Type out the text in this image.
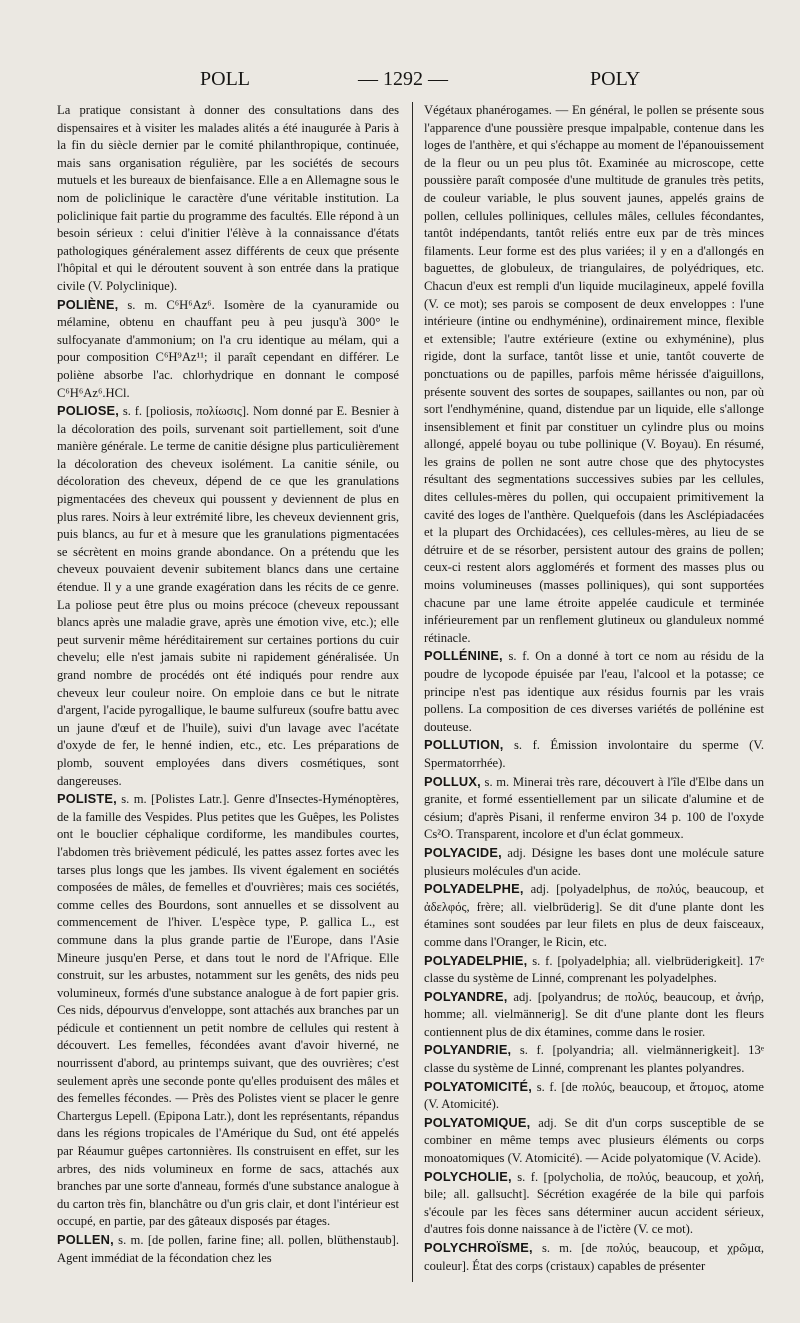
POLL	— 1292 —	POLY

La pratique consistant à donner des consultations dans des dispensaires et à visiter les malades alités a été inaugurée à Paris à la fin du siècle dernier par le comité philanthropique, continuée, mais sans organisation régulière, par les sociétés de secours mutuels et les bureaux de bienfaisance. Elle a en Allemagne sous le nom de policlinique le caractère d'une véritable institution. La policlinique fait partie du programme des facultés. Elle répond à un besoin sérieux : celui d'initier l'élève à la connaissance d'états pathologiques généralement assez différents de ceux que présente l'hôpital et qui le déroutent souvent à son entrée dans la pratique civile (V. Polyclinique).

POLIÈNE, s. m. C⁶H⁶Az⁶. Isomère de la cyanuramide ou mélamine, obtenu en chauffant peu à peu jusqu'à 300° le sulfocyanate d'ammonium; on l'a cru identique au mélam, qui a pour composition C⁶H⁹Az¹¹; il paraît cependant en différer. Le poliène absorbe l'ac. chlorhydrique en donnant le composé C⁶H⁶Az⁶.HCl.

POLIOSE, s. f. [poliosis, πολίωσις]. Nom donné par E. Besnier à la décoloration des poils, survenant soit partiellement, soit d'une manière générale. Le terme de canitie désigne plus particulièrement la décoloration des cheveux isolément. La canitie sénile, ou décoloration des cheveux, dépend de ce que les granulations pigmentacées des cheveux qui poussent y deviennent de plus en plus rares. Noirs à leur extrémité libre, les cheveux deviennent gris, puis blancs, au fur et à mesure que les granulations pigmentacées se sécrètent en moins grande abondance. On a prétendu que les cheveux pouvaient devenir subitement blancs dans une certaine étendue. Il y a une grande exagération dans les récits de ce genre. La poliose peut être plus ou moins précoce (cheveux repoussant blancs après une maladie grave, après une émotion vive, etc.); elle peut survenir même héréditairement sur certaines portions du cuir chevelu; elle n'est jamais subite ni rapidement généralisée. Un grand nombre de procédés ont été indiqués pour rendre aux cheveux leur couleur noire. On emploie dans ce but le nitrate d'argent, l'acide pyrogallique, le baume sulfureux (soufre battu avec un jaune d'œuf et de l'huile), suivi d'un lavage avec l'acétate d'oxyde de fer, le henné indien, etc., etc. Les préparations de plomb, souvent employées dans divers cosmétiques, sont dangereuses.

POLISTE, s. m. [Polistes Latr.]. Genre d'Insectes-Hyménoptères, de la famille des Vespides. Plus petites que les Guêpes, les Polistes ont le bouclier céphalique cordiforme, les mandibules courtes, l'abdomen très brièvement pédiculé, les pattes assez fortes avec les tarses plus longs que les jambes. Ils vivent également en sociétés composées de mâles, de femelles et d'ouvrières; mais ces sociétés, comme celles des Bourdons, sont annuelles et se dissolvent au commencement de l'hiver. L'espèce type, P. gallica L., est commune dans la plus grande partie de l'Europe, dans l'Asie Mineure jusqu'en Perse, et dans tout le nord de l'Afrique. Elle construit, sur les arbustes, notamment sur les genêts, des nids peu volumineux, formés d'une substance analogue à de fort papier gris. Ces nids, dépourvus d'enveloppe, sont attachés aux branches par un pédicule et contiennent un petit nombre de cellules qui restent à découvert. Les femelles, fécondées avant d'avoir hiverné, ne nourrissent d'abord, au printemps suivant, que des ouvrières; c'est seulement après une seconde ponte qu'elles produisent des mâles et des femelles fécondes. — Près des Polistes vient se placer le genre Chartergus Lepell. (Epipona Latr.), dont les représentants, répandus dans les régions tropicales de l'Amérique du Sud, ont été appelés par Réaumur guêpes cartonnières. Ils construisent en effet, sur les arbres, des nids volumineux en forme de sacs, attachés aux branches par une sorte d'anneau, formés d'une substance analogue à du carton très fin, blanchâtre ou d'un gris clair, et dont l'intérieur est occupé, en partie, par des gâteaux disposés par étages.

POLLEN, s. m. [de pollen, farine fine; all. pollen, blüthenstaub]. Agent immédiat de la fécondation chez les

Végétaux phanérogames. — En général, le pollen se présente sous l'apparence d'une poussière presque impalpable, contenue dans les loges de l'anthère, et qui s'échappe au moment de l'épanouissement de la fleur ou un peu plus tôt. Examinée au microscope, cette poussière paraît composée d'une multitude de granules très petits, de couleur variable, le plus souvent jaunes, appelés grains de pollen, cellules polliniques, cellules mâles, cellules fécondantes, tantôt indépendants, tantôt reliés entre eux par de très minces filaments. Leur forme est des plus variées; il y en a d'allongés en baguettes, de globuleux, de triangulaires, de polyédriques, etc. Chacun d'eux est rempli d'un liquide mucilagineux, appelé fovilla (V. ce mot); ses parois se composent de deux enveloppes : l'une intérieure (intine ou endhyménine), ordinairement mince, flexible et extensible; l'autre extérieure (extine ou exhyménine), plus rigide, dont la surface, tantôt lisse et unie, tantôt couverte de ponctuations ou de papilles, parfois même hérissée d'aiguillons, présente souvent des sortes de soupapes, saillantes ou non, par où sort l'endhyménine, quand, distendue par un liquide, elle s'allonge insensiblement et finit par constituer un cylindre plus ou moins allongé, appelé boyau ou tube pollinique (V. Boyau). En résumé, les grains de pollen ne sont autre chose que des phytocystes résultant des segmentations successives subies par les cellules, dites cellules-mères du pollen, qui occupaient primitivement la cavité des loges de l'anthère. Quelquefois (dans les Asclépiadacées et la plupart des Orchidacées), ces cellules-mères, au lieu de se détruire et de se résorber, persistent autour des grains de pollen; ceux-ci restent alors agglomérés et forment des masses plus ou moins volumineuses (masses polliniques), qui sont supportées chacune par une lame étroite appelée caudicule et terminée inférieurement par un renflement glutineux ou glanduleux nommé rétinacle.

POLLÉNINE, s. f. On a donné à tort ce nom au résidu de la poudre de lycopode épuisée par l'eau, l'alcool et la potasse; ce principe n'est pas identique aux résidus fournis par les vrais pollens. La composition de ces diverses variétés de pollénine est douteuse.

POLLUTION, s. f. Émission involontaire du sperme (V. Spermatorrhée).

POLLUX, s. m. Minerai très rare, découvert à l'île d'Elbe dans un granite, et formé essentiellement par un silicate d'alumine et de césium; d'après Pisani, il renferme environ 34 p. 100 de l'oxyde Cs²O. Transparent, incolore et d'un éclat gommeux.

POLYACIDE, adj. Désigne les bases dont une molécule sature plusieurs molécules d'un acide.

POLYADELPHE, adj. [polyadelphus, de πολύς, beaucoup, et ἀδελφός, frère; all. vielbrüderig]. Se dit d'une plante dont les étamines sont soudées par leur filets en plus de deux faisceaux, comme dans l'Oranger, le Ricin, etc.

POLYADELPHIE, s. f. [polyadelphia; all. vielbrüderigkeit]. 17ᵉ classe du système de Linné, comprenant les polyadelphes.

POLYANDRE, adj. [polyandrus; de πολύς, beaucoup, et ἀνήρ, homme; all. vielmännerig]. Se dit d'une plante dont les fleurs contiennent plus de dix étamines, comme dans le rosier.

POLYANDRIE, s. f. [polyandria; all. vielmännerigkeit]. 13ᵉ classe du système de Linné, comprenant les plantes polyandres.

POLYATOMICITÉ, s. f. [de πολύς, beaucoup, et ἄτομος, atome (V. Atomicité).

POLYATOMIQUE, adj. Se dit d'un corps susceptible de se combiner en même temps avec plusieurs éléments ou corps monoatomiques (V. Atomicité). — Acide polyatomique (V. Acide).

POLYCHOLIE, s. f. [polycholia, de πολύς, beaucoup, et χολή, bile; all. gallsucht]. Sécrétion exagérée de la bile qui parfois s'écoule par les fèces sans déterminer aucun accident sérieux, d'autres fois donne naissance à de l'ictère (V. ce mot).

POLYCHROÏSME, s. m. [de πολύς, beaucoup, et χρῶμα, couleur]. État des corps (cristaux) capables de présenter
